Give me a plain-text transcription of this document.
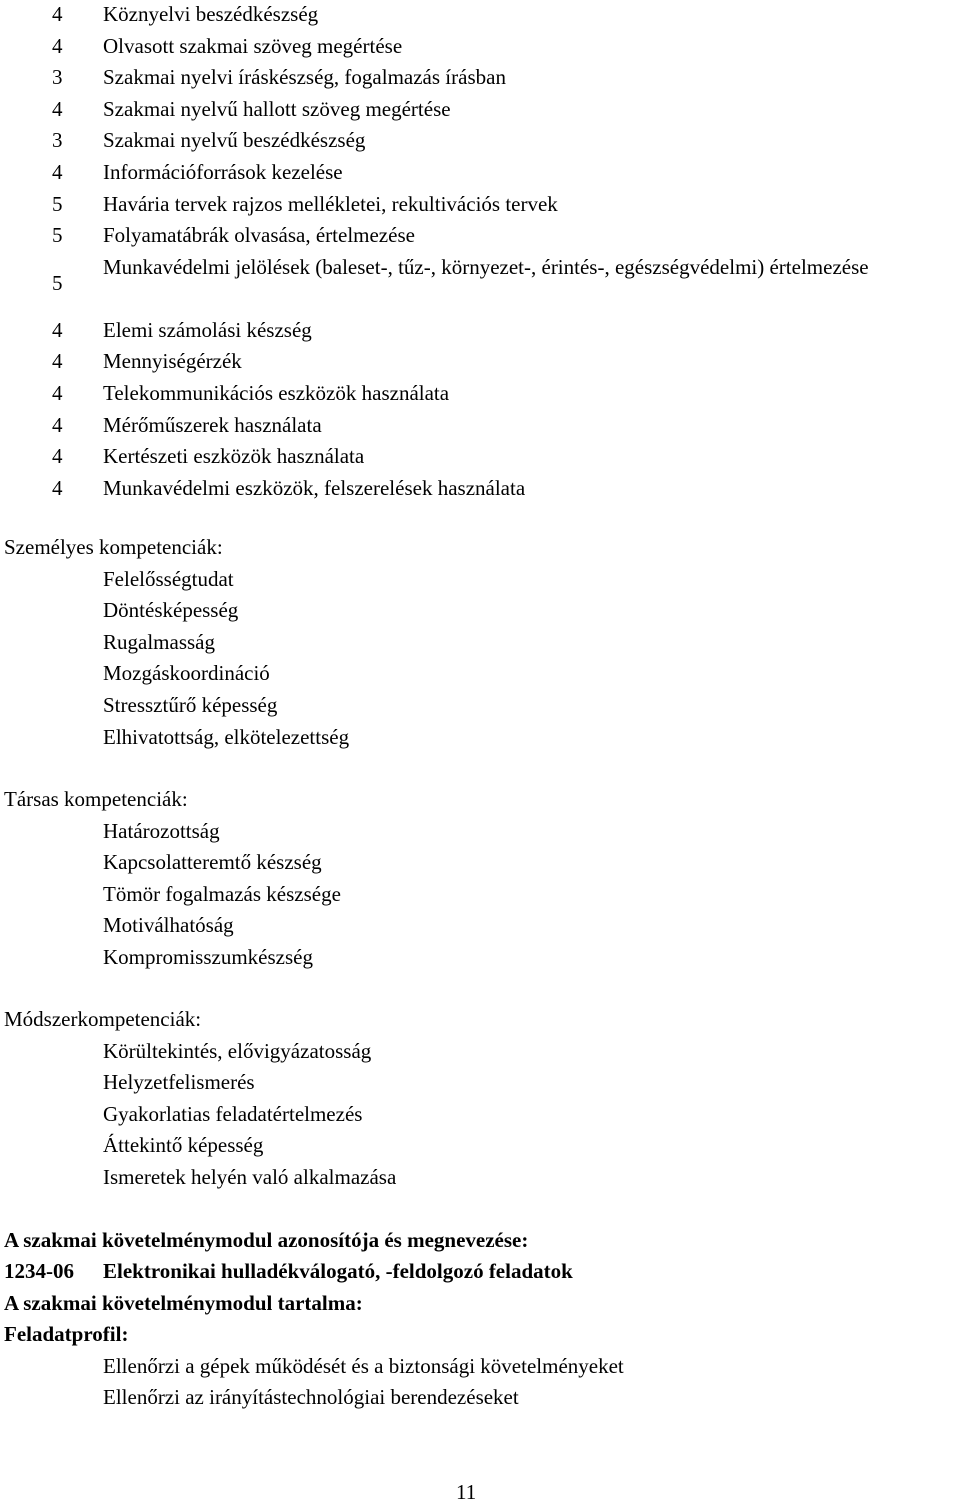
4 Köznyelvi beszédkészség
4 Olvasott szakmai szöveg megértése
3 Szakmai nyelvi íráskészség, fogalmazás írásban
4 Szakmai nyelvű hallott szöveg megértése
3 Szakmai nyelvű beszédkészség
4 Információforrások kezelése
5 Havária tervek rajzos mellékletei, rekultivációs tervek
5 Folyamatábrák olvasása, értelmezése
5
Munkavédelmi jelölések (baleset-, tűz-, környezet-, érintés-, egészségvédelmi) értelmezése
4 Elemi számolási készség
4 Mennyiségérzék
4 Telekommunikációs eszközök használata
4 Mérőműszerek használata
4 Kertészeti eszközök használata
4 Munkavédelmi eszközök, felszerelések használata
Személyes kompetenciák:
Felelősségtudat
Döntésképesség
Rugalmasság
Mozgáskoordináció
Stressztűrő képesség
Elhivatottság, elkötelezettség
Társas kompetenciák:
Határozottság
Kapcsolatteremtő készség
Tömör fogalmazás készsége
Motiválhatóság
Kompromisszumkészség
Módszerkompetenciák:
Körültekintés, elővigyázatosság
Helyzetfelismerés
Gyakorlatias feladatértelmezés
Áttekintő képesség
Ismeretek helyén való alkalmazása
A szakmai követelménymodul azonosítója és megnevezése:
1234-06 Elektronikai hulladékválogató, -feldolgozó feladatok
A szakmai követelménymodul tartalma:
Feladatprofil:
Ellenőrzi a gépek működését és a biztonsági követelményeket
Ellenőrzi az irányítástechnológiai berendezéseket
11
